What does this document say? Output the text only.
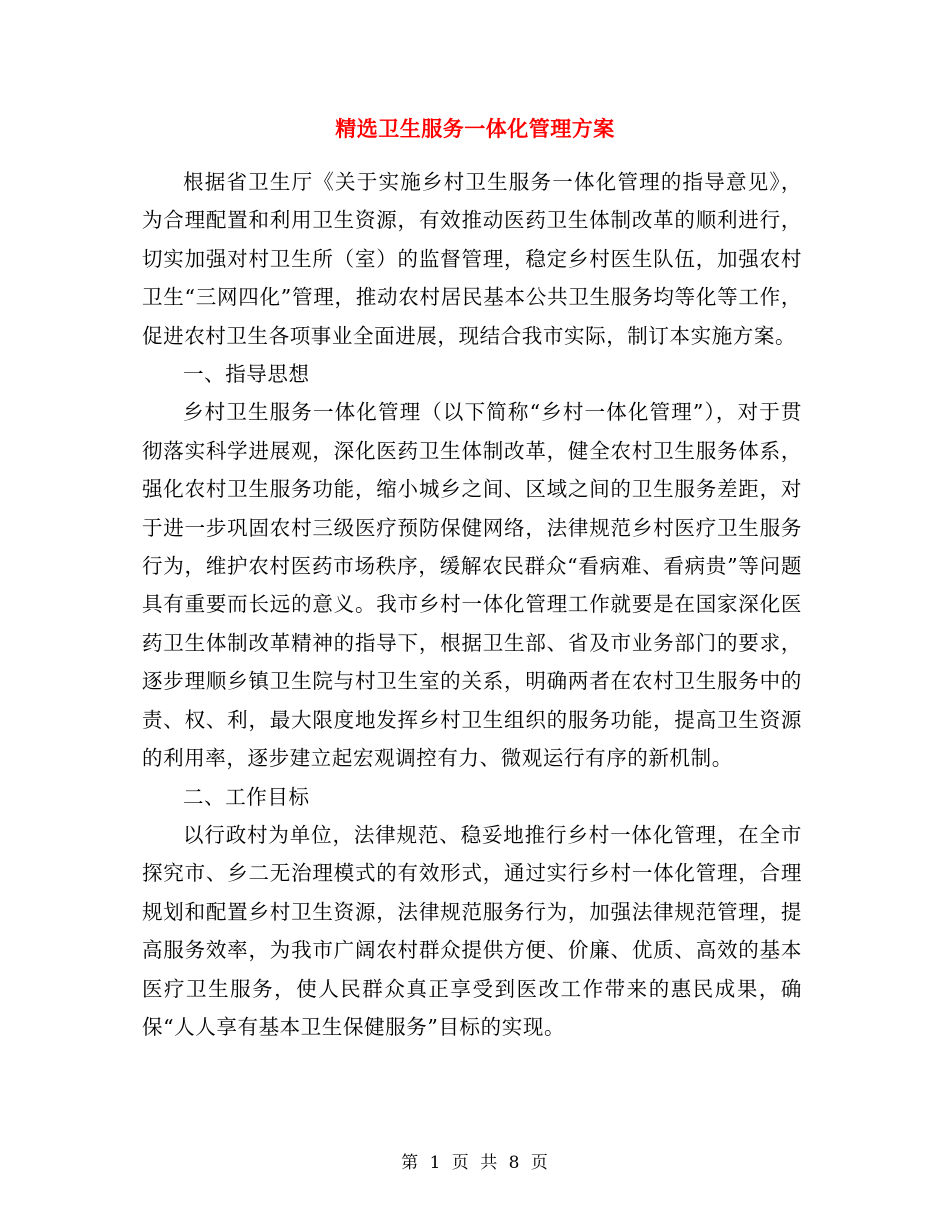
精选卫生服务一体化管理方案

根据省卫生厅《关于实施乡村卫生服务一体化管理的指导意见》，为合理配置和利用卫生资源，有效推动医药卫生体制改革的顺利进行，切实加强对村卫生所（室）的监督管理，稳定乡村医生队伍，加强农村卫生“三网四化”管理，推动农村居民基本公共卫生服务均等化等工作，促进农村卫生各项事业全面进展，现结合我市实际，制订本实施方案。

一、指导思想

乡村卫生服务一体化管理（以下简称“乡村一体化管理”），对于贯彻落实科学进展观，深化医药卫生体制改革，健全农村卫生服务体系，强化农村卫生服务功能，缩小城乡之间、区域之间的卫生服务差距，对于进一步巩固农村三级医疗预防保健网络，法律规范乡村医疗卫生服务行为，维护农村医药市场秩序，缓解农民群众“看病难、看病贵”等问题具有重要而长远的意义。我市乡村一体化管理工作就要是在国家深化医药卫生体制改革精神的指导下，根据卫生部、省及市业务部门的要求，逐步理顺乡镇卫生院与村卫生室的关系，明确两者在农村卫生服务中的责、权、利，最大限度地发挥乡村卫生组织的服务功能，提高卫生资源的利用率，逐步建立起宏观调控有力、微观运行有序的新机制。

二、工作目标

以行政村为单位，法律规范、稳妥地推行乡村一体化管理，在全市探究市、乡二无治理模式的有效形式，通过实行乡村一体化管理，合理规划和配置乡村卫生资源，法律规范服务行为，加强法律规范管理，提高服务效率，为我市广阔农村群众提供方便、价廉、优质、高效的基本医疗卫生服务，使人民群众真正享受到医改工作带来的惠民成果，确保“人人享有基本卫生保健服务”目标的实现。

第 1 页 共 8 页
